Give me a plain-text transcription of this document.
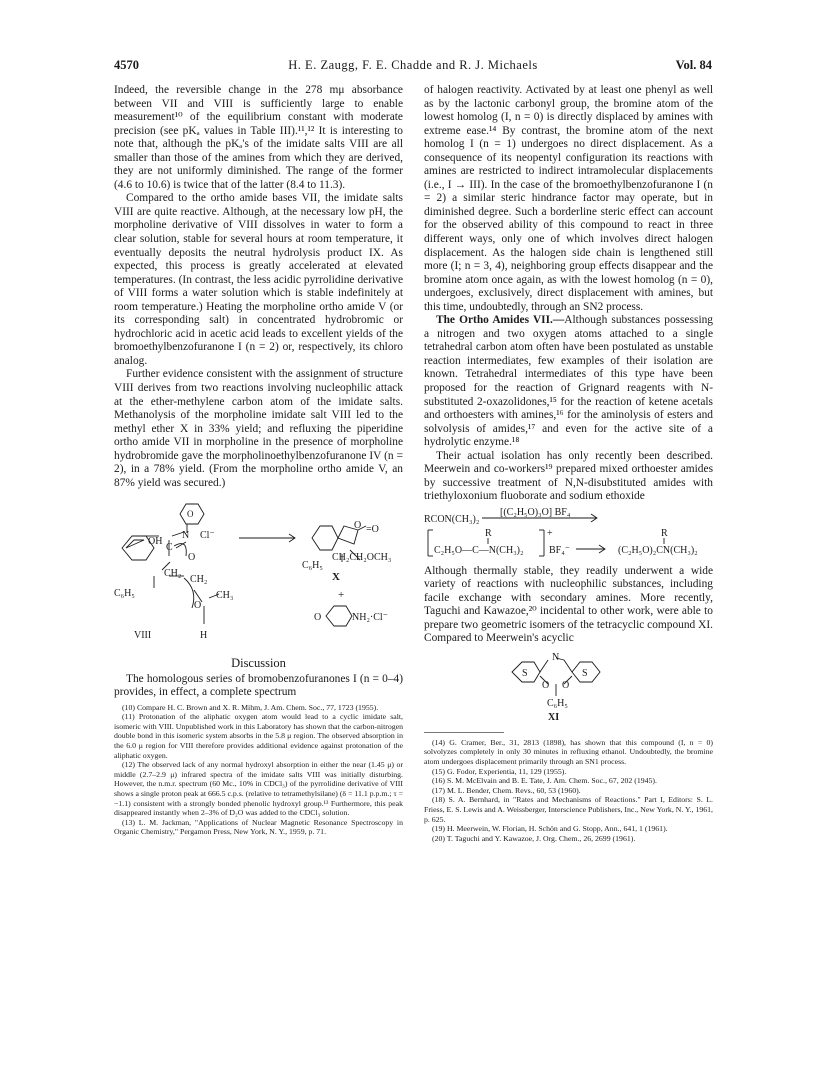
4570	H. E. Zaugg, F. E. Chadde and R. J. Michaels	Vol. 84

Indeed, the reversible change in the 278 mμ absorbance between VII and VIII is sufficiently large to enable measurement¹⁰ of the equilibrium constant with moderate precision (see pKₐ values in Table III).¹¹,¹² It is interesting to note that, although the pKₐ's of the imidate salts VIII are all smaller than those of the amines from which they are derived, they are not uniformly diminished. The range of the former (4.6 to 10.6) is twice that of the latter (8.4 to 11.3).

Compared to the ortho amide bases VII, the imidate salts VIII are quite reactive. Although, at the necessary low pH, the morpholine derivative of VIII dissolves in water to form a clear solution, stable for several hours at room temperature, it eventually deposits the neutral hydrolysis product IX. As expected, this process is greatly accelerated at elevated temperatures. (In contrast, the less acidic pyrrolidine derivative of VIII forms a water solution which is stable indefinitely at room temperature.) Heating the morpholine ortho amide V (or its corresponding salt) in concentrated hydrobromic or hydrochloric acid in acetic acid leads to excellent yields of the bromoethylbenzofuranone I (n = 2) or, respectively, its chloro analog.

Further evidence consistent with the assignment of structure VIII derives from two reactions involving nucleophilic attack at the ether-methylene carbon atom of the imidate salts. Methanolysis of the morpholine imidate salt VIII led to the methyl ether X in 33% yield; and refluxing the piperidine ortho amide VII in morpholine in the presence of morpholine hydrobromide gave the morpholinoethylbenzofuranone IV (n = 2), in a 78% yield. (From the morpholine ortho amide V, an 87% yield was secured.)

O
OH
N Cl⁻
C
O
CH₂
CH₂
C₆H₅	CH₃
O
H
VIII
O =O
C₆H₅
CH₂CH₂OCH₃
X
+
O	NH₂·Cl⁻
Discussion

The homologous series of bromobenzofuranones I (n = 0–4) provides, in effect, a complete spectrum

(10) Compare H. C. Brown and X. R. Mihm, J. Am. Chem. Soc., 77, 1723 (1955).
(11) Protonation of the aliphatic oxygen atom would lead to a cyclic imidate salt, isomeric with VIII. Unpublished work in this Laboratory has shown that the carbon-nitrogen double bond in this isomeric system absorbs in the 5.8 μ region. The observed absorption in the 6.0 μ region for VIII therefore provides additional evidence against protonation of the aliphatic oxygen.
(12) The observed lack of any normal hydroxyl absorption in either the near (1.45 μ) or middle (2.7–2.9 μ) infrared spectra of the imidate salts VIII was initially disturbing. However, the n.m.r. spectrum (60 Mc., 10% in CDCl₃) of the pyrrolidine derivative of VIII shows a single proton peak at 666.5 c.p.s. (relative to tetramethylsilane) (δ = 11.1 p.p.m.; τ = −1.1) consistent with a strongly bonded phenolic hydroxyl group.¹³ Furthermore, this peak disappeared instantly when 2–3% of D₂O was added to the CDCl₃ solution.
(13) L. M. Jackman, "Applications of Nuclear Magnetic Resonance Spectroscopy in Organic Chemistry," Pergamon Press, New York, N. Y., 1959, p. 71.

of halogen reactivity. Activated by at least one phenyl as well as by the lactonic carbonyl group, the bromine atom of the lowest homolog (I, n = 0) is directly displaced by amines with extreme ease.¹⁴ By contrast, the bromine atom of the next homolog I (n = 1) undergoes no direct displacement. As a consequence of its neopentyl configuration its reactions with amines are restricted to indirect intramolecular displacements (i.e., I → III). In the case of the bromoethylbenzofuranone I (n = 2) a similar steric hindrance factor may operate, but in diminished degree. Such a borderline steric effect can account for the observed ability of this compound to react in three different ways, only one of which involves direct halogen displacement. As the halogen side chain is lengthened still more (I; n = 3, 4), neighboring group effects disappear and the bromine atom once again, as with the lowest homolog (n = 0), undergoes, exclusively, direct displacement with amines, but this time, undoubtedly, through an SN2 process.

The Ortho Amides VII.—Although substances possessing a nitrogen and two oxygen atoms attached to a single tetrahedral carbon atom often have been postulated as unstable reaction intermediates, few examples of their isolation are known. Tetrahedral intermediates of this type have been proposed for the reaction of Grignard reagents with N-substituted 2-oxazolidones,¹⁵ for the reaction of ketene acetals and orthoesters with amines,¹⁶ for the aminolysis of esters and solvolysis of amides,¹⁷ and even for the active site of a hydrolytic enzyme.¹⁸

Their actual isolation has only recently been described. Meerwein and co-workers¹⁹ prepared mixed orthoester amides by successive treatment of N,N-disubstituted amides with triethyloxonium fluoborate and sodium ethoxide

[(C₂H₅O)₃O] BF₄
RCON(CH₃)₂
R	+
C₂H₅O—C—N(CH₃)₂	BF₄⁻
R
(C₂H₅O)₂CN(CH₃)₂

Although thermally stable, they readily underwent a wide variety of reactions with nucleophilic substances, including facile exchange with secondary amines. More recently, Taguchi and Kawazoe,²⁰ incidental to other work, were able to prepare two geometric isomers of the tetracyclic compound XI. Compared to Meerwein's acyclic

S	S
N
O O
C₆H₅
XI
(14) G. Cramer, Ber., 31, 2813 (1898), has shown that this compound (I, n = 0) solvolyzes completely in only 30 minutes in refluxing ethanol. Undoubtedly, the bromine atom undergoes displacement primarily through an SN1 process.
(15) G. Fodor, Experientia, 11, 129 (1955).
(16) S. M. McElvain and B. E. Tate, J. Am. Chem. Soc., 67, 202 (1945).
(17) M. L. Bender, Chem. Revs., 60, 53 (1960).
(18) S. A. Bernhard, in "Rates and Mechanisms of Reactions." Part I, Editors: S. L. Friess, E. S. Lewis and A. Weissberger, Interscience Publishers, Inc., New York, N. Y., 1961, p. 625.
(19) H. Meerwein, W. Florian, H. Schön and G. Stopp, Ann., 641, 1 (1961).
(20) T. Taguchi and Y. Kawazoe, J. Org. Chem., 26, 2699 (1961).
